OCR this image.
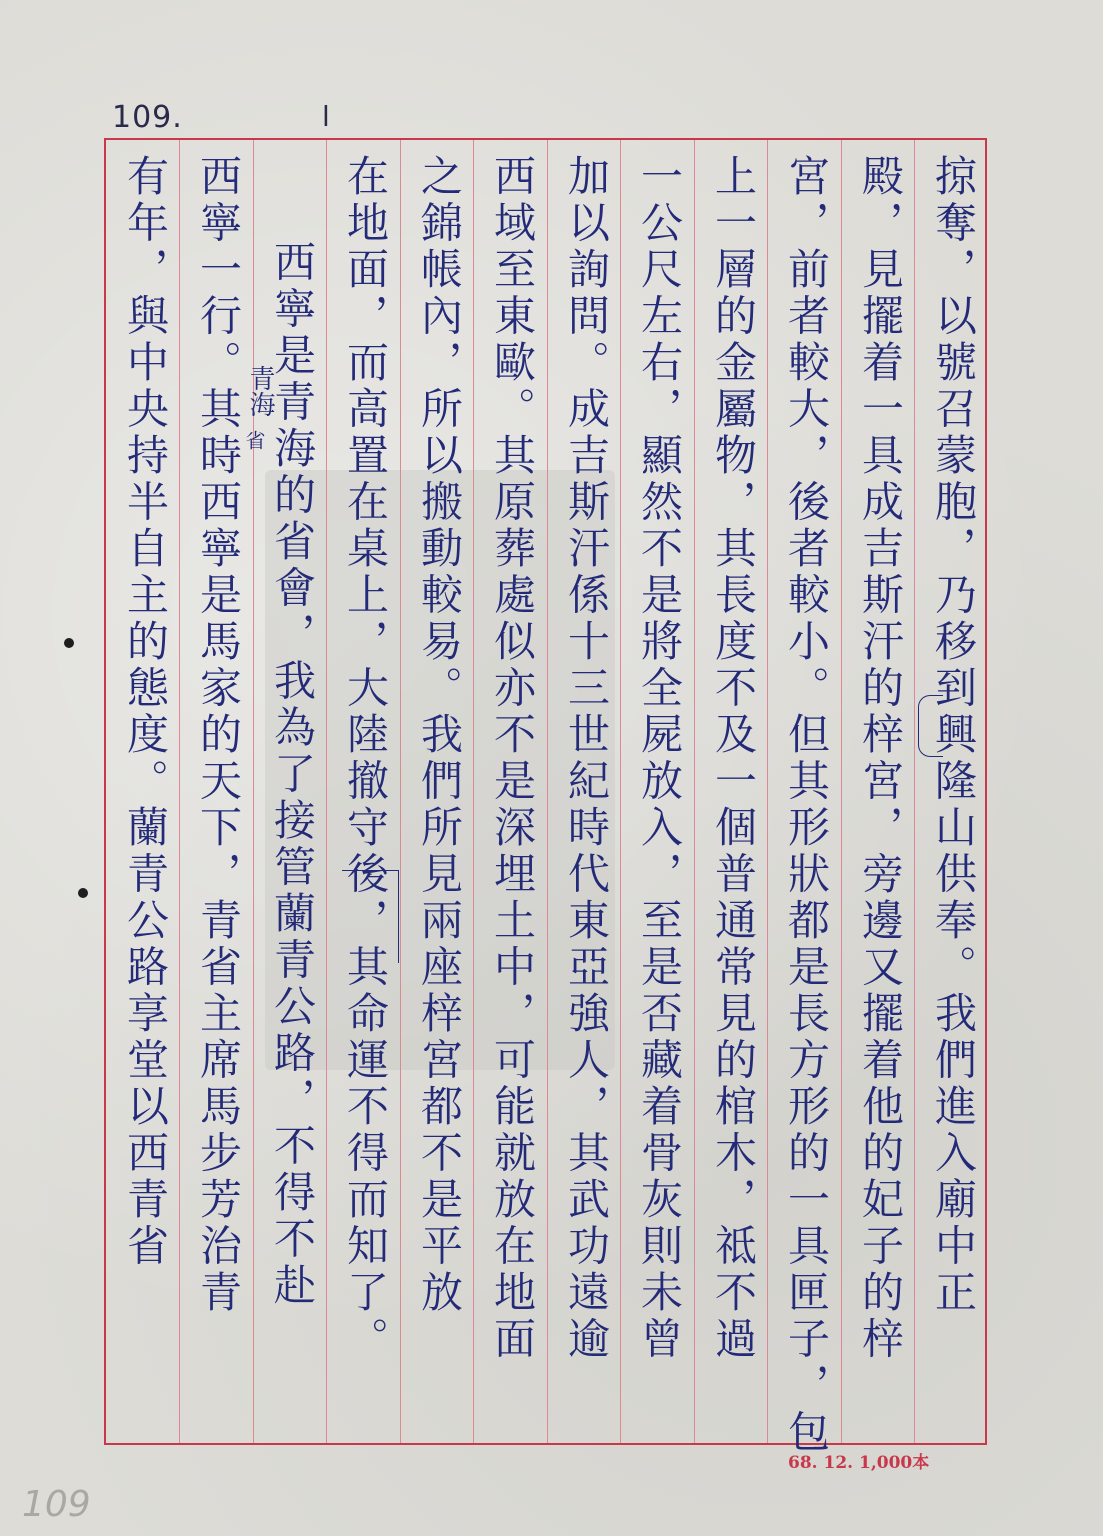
109.	l
掠奪，以號召蒙胞，乃移到興隆山供奉。我們進入廟中正
殿，見擺着一具成吉斯汗的梓宮，旁邊又擺着他的妃子的梓
宮，前者較大，後者較小。但其形狀都是長方形的一具匣子，包
上一層的金屬物，其長度不及一個普通常見的棺木，祗不過
一公尺左右，顯然不是將全屍放入，至是否藏着骨灰則未曾
加以詢問。成吉斯汗係十三世紀時代東亞強人，其武功遠逾
西域至東歐。其原葬處似亦不是深埋土中，可能就放在地面
之錦帳內，所以搬動較易。我們所見兩座梓宮都不是平放
在地面，而高置在桌上，大陸撤守後，其命運不得而知了。
西寧是青海的省會，我為了接管蘭青公路，不得不赴
西寧一行。其時西寧是馬家的天下，青省主席馬步芳治青
有年，與中央持半自主的態度。蘭青公路享堂以西青省	青海
省
68. 12. 1,000本
109
